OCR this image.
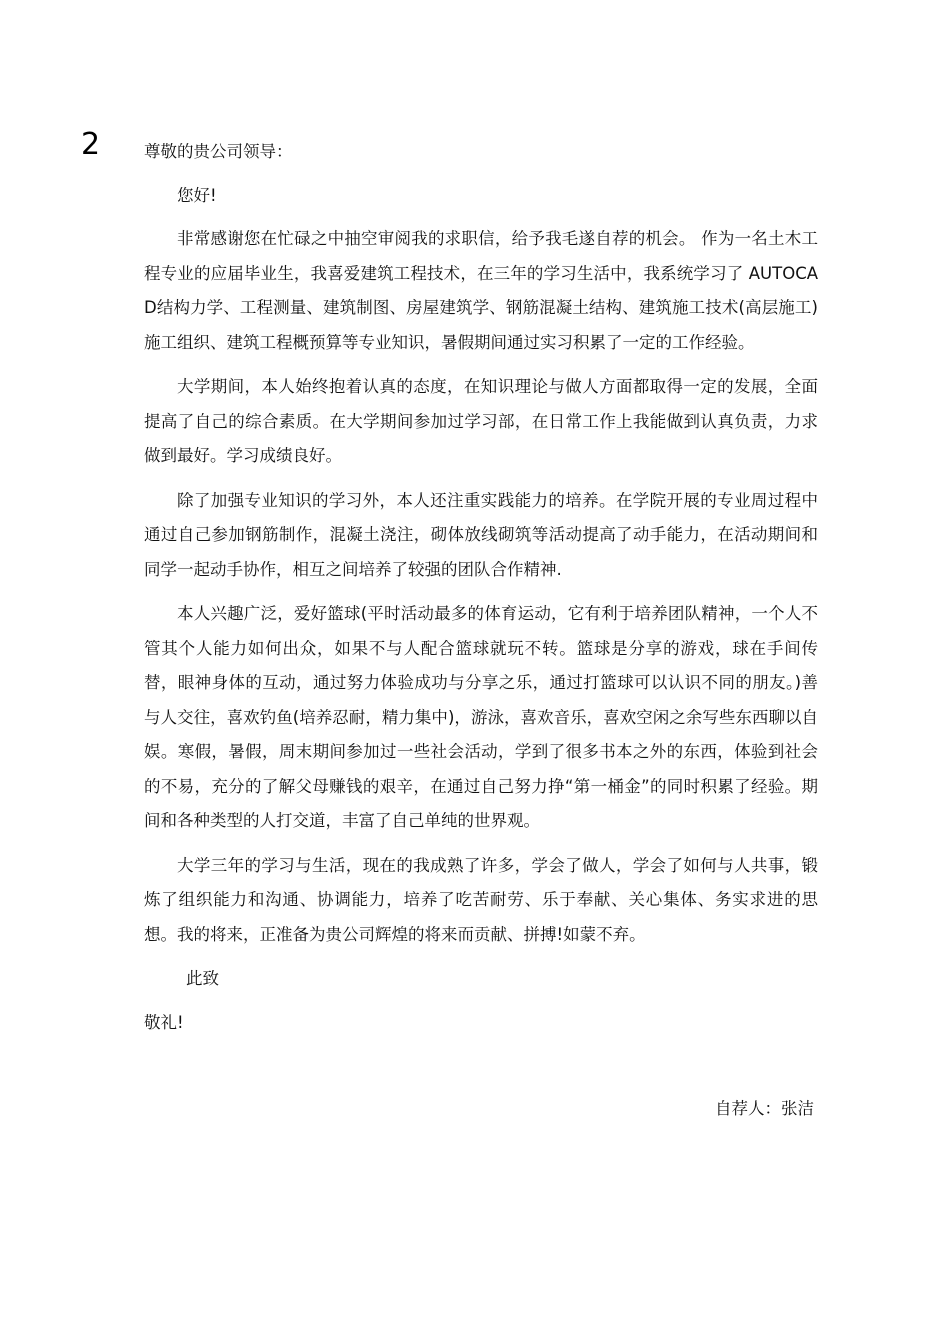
2	尊敬的贵公司领导：

您好!

非常感谢您在忙碌之中抽空审阅我的求职信，给予我毛遂自荐的机会。 作为一名土木工程专业的应届毕业生，我喜爱建筑工程技术，在三年的学习生活中，我系统学习了 AUTOCAD结构力学、工程测量、建筑制图、房屋建筑学、钢筋混凝土结构、建筑施工技术(高层施工) 施工组织、建筑工程概预算等专业知识，暑假期间通过实习积累了一定的工作经验。

大学期间，本人始终抱着认真的态度，在知识理论与做人方面都取得一定的发展，全面提高了自己的综合素质。在大学期间参加过学习部，在日常工作上我能做到认真负责，力求做到最好。学习成绩良好。

除了加强专业知识的学习外，本人还注重实践能力的培养。在学院开展的专业周过程中通过自己参加钢筋制作，混凝土浇注，砌体放线砌筑等活动提高了动手能力，在活动期间和同学一起动手协作，相互之间培养了较强的团队合作精神.

本人兴趣广泛，爱好篮球(平时活动最多的体育运动，它有利于培养团队精神，一个人不管其个人能力如何出众，如果不与人配合篮球就玩不转。篮球是分享的游戏，球在手间传替，眼神身体的互动，通过努力体验成功与分享之乐，通过打篮球可以认识不同的朋友。)善与人交往，喜欢钓鱼(培养忍耐，精力集中)，游泳，喜欢音乐，喜欢空闲之余写些东西聊以自娱。寒假，暑假，周末期间参加过一些社会活动，学到了很多书本之外的东西，体验到社会的不易，充分的了解父母赚钱的艰辛，在通过自己努力挣“第一桶金”的同时积累了经验。期间和各种类型的人打交道，丰富了自己单纯的世界观。

大学三年的学习与生活，现在的我成熟了许多，学会了做人，学会了如何与人共事，锻炼了组织能力和沟通、协调能力，培养了吃苦耐劳、乐于奉献、关心集体、务实求进的思想。我的将来，正准备为贵公司辉煌的将来而贡献、拼搏!如蒙不弃。

此致

敬礼!

自荐人：张洁
